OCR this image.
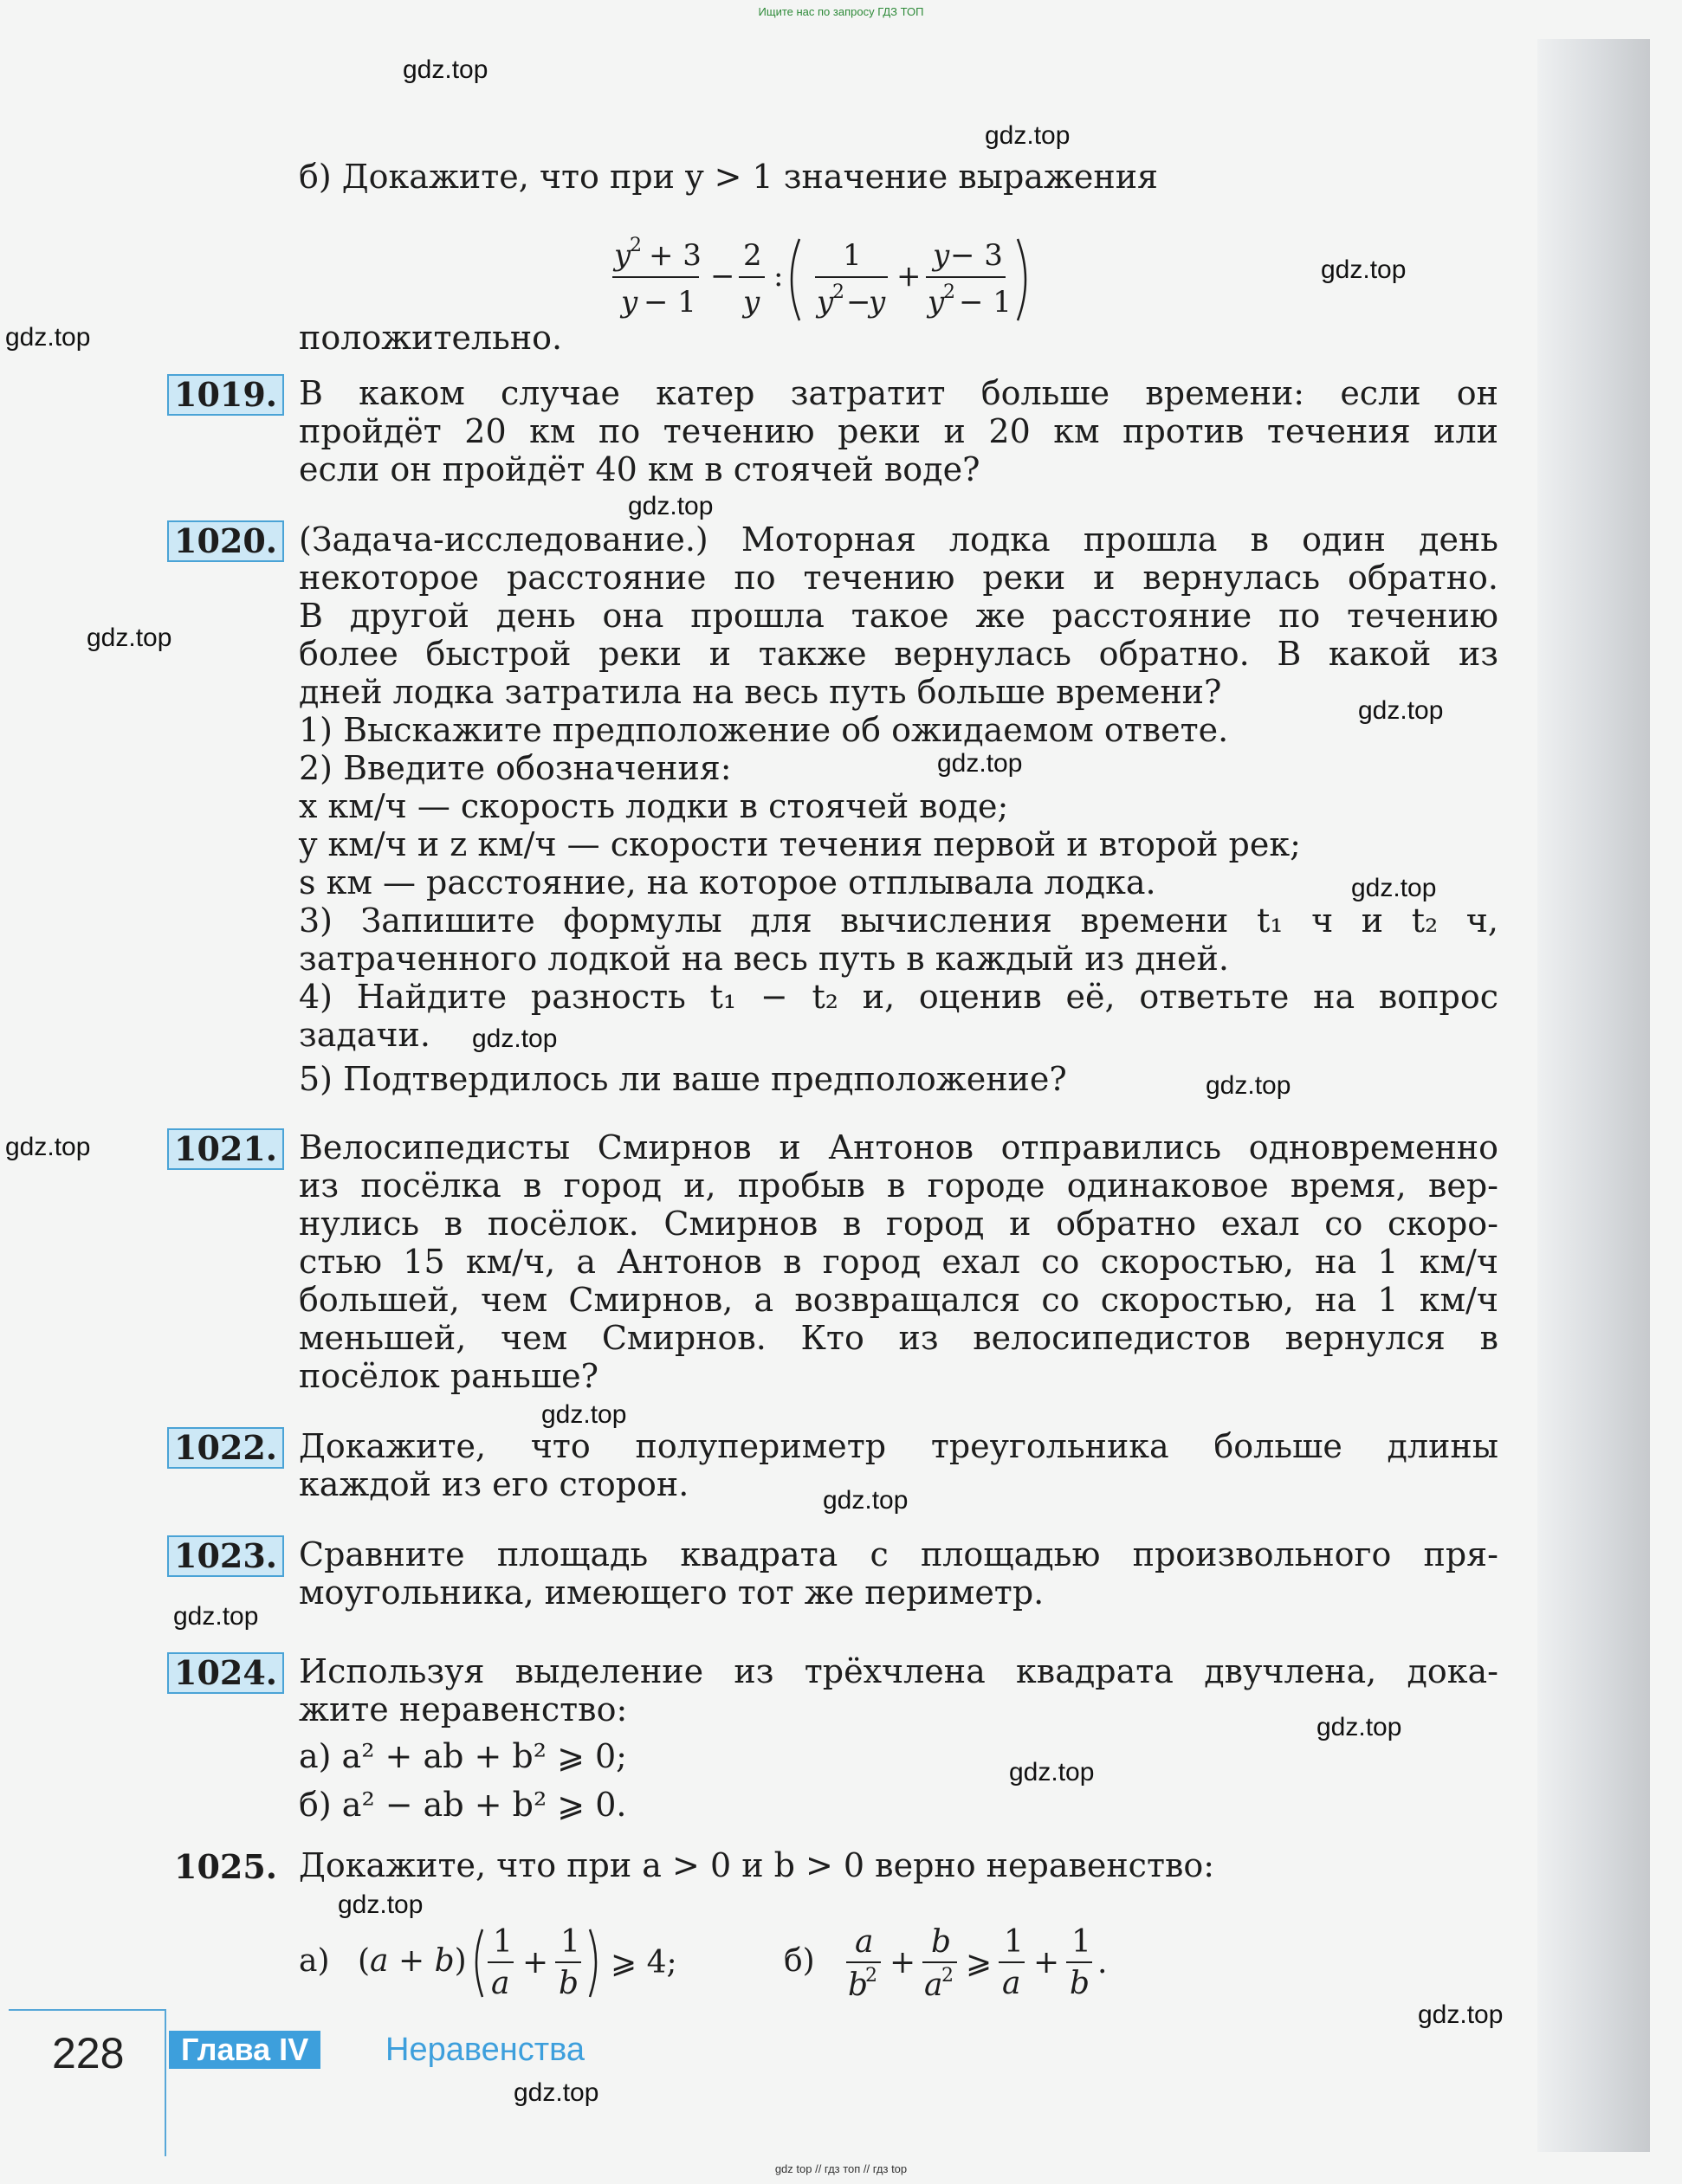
Ищите нас по запросу ГДЗ ТОП
gdz.top
gdz.top
gdz.top
gdz.top
gdz.top
gdz.top
gdz.top
gdz.top
gdz.top
gdz.top
gdz.top
gdz.top
gdz.top
gdz.top
gdz.top
gdz.top
gdz.top
gdz.top
gdz.top
gdz.top
б) Докажите, что при y > 1 значение выражения
y
2 + 3
y − 1
−
2
y
:
1
y
2 −
y
+
y − 3
y
2 − 1
положительно.
1019. В каком случае катер затратит больше времени: если он
пройдёт 20 км по течению реки и 20 км против течения или
если он пройдёт 40 км в стоячей воде?
1020. (Задача-исследование.) Моторная лодка прошла в один день
некоторое расстояние по течению реки и вернулась обратно.
В другой день она прошла такое же расстояние по течению
более быстрой реки и также вернулась обратно. В какой из
дней лодка затратила на весь путь больше времени?
1) Выскажите предположение об ожидаемом ответе.
2) Введите обозначения:
x км/ч — скорость лодки в стоячей воде;
y км/ч и z км/ч — скорости течения первой и второй рек;
s км — расстояние, на которое отплывала лодка.
3) Запишите формулы для вычисления времени t₁ ч и t₂ ч,
затраченного лодкой на весь путь в каждый из дней.
4) Найдите разность t₁ − t₂ и, оценив её, ответьте на вопрос
задачи.
5) Подтвердилось ли ваше предположение?
1021. Велосипедисты Смирнов и Антонов отправились одновременно
из посёлка в город и, пробыв в городе одинаковое время, вер-
нулись в посёлок. Смирнов в город и обратно ехал со скоро-
стью 15 км/ч, а Антонов в город ехал со скоростью, на 1 км/ч
большей, чем Смирнов, а возвращался со скоростью, на 1 км/ч
меньшей, чем Смирнов. Кто из велосипедистов вернулся в
посёлок раньше?
1022. Докажите, что полупериметр треугольника больше длины
каждой из его сторон.
1023. Сравните площадь квадрата с площадью произвольного пря-
моугольника, имеющего тот же периметр.
1024. Используя выделение из трёхчлена квадрата двучлена, дока-
жите неравенство:
а) a² + ab + b² ⩾ 0;
б) a² − ab + b² ⩾ 0.
1025. Докажите, что при a > 0 и b > 0 верно неравенство:
а) (a + b)
1
a
+
1
b
⩾ 4;	б)
a
b
2 +
b
a
2 ⩾
1
a
+
1
b
.
228	Глава IV	Неравенства
gdz top // гдз топ // гдз top
